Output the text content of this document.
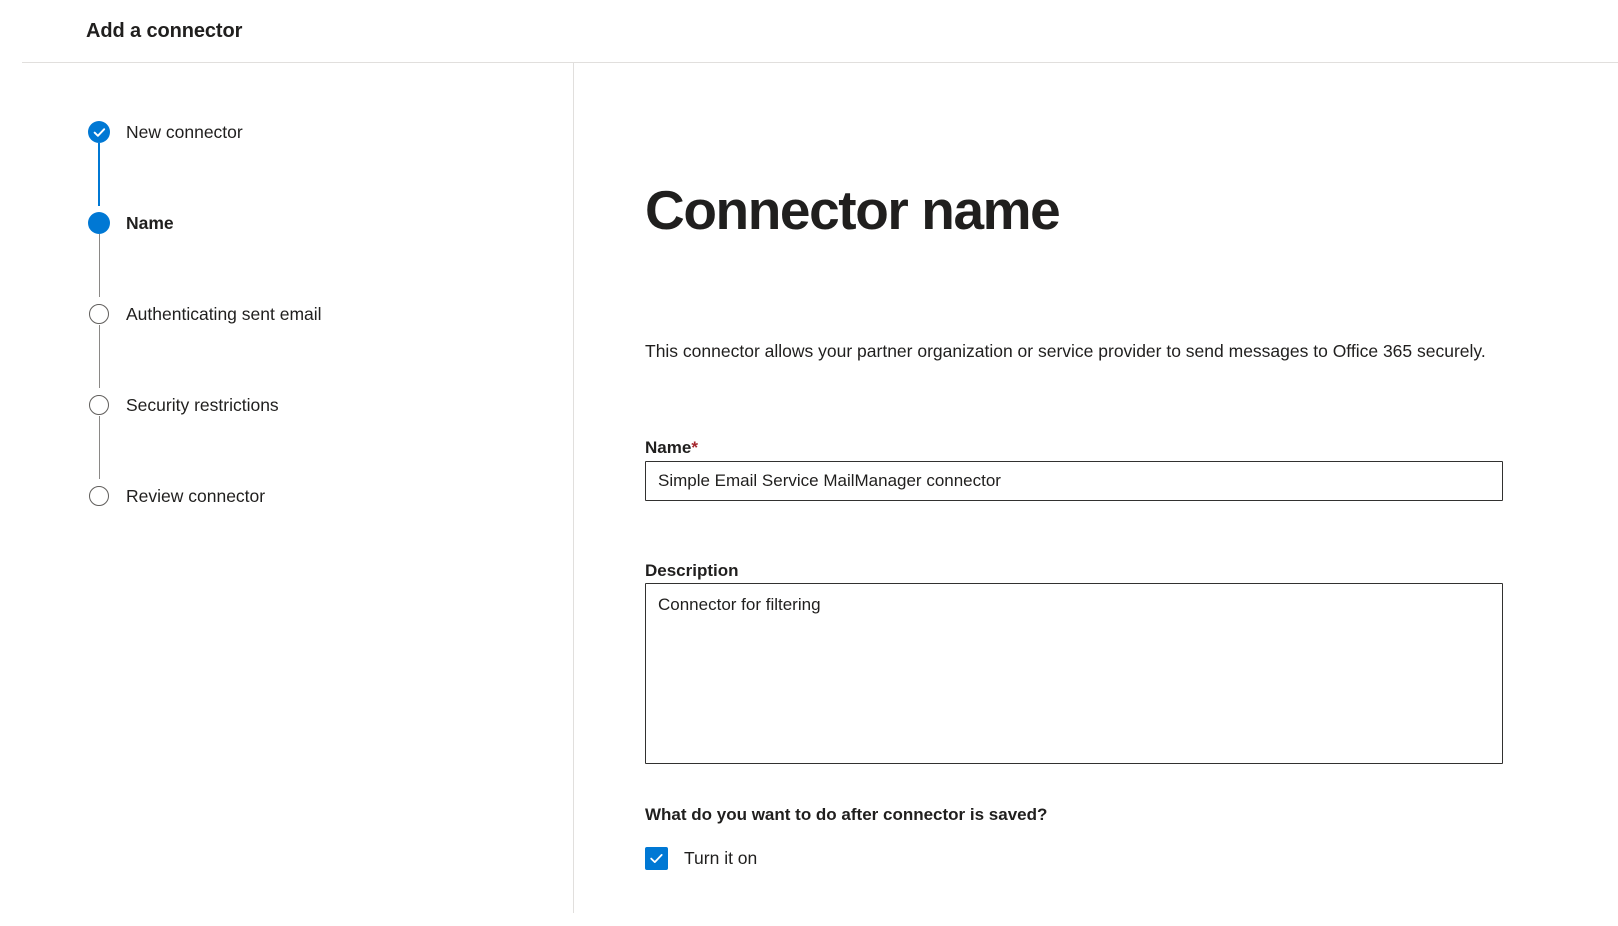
Add a connector
New connector
Name
Authenticating sent email
Security restrictions
Review connector
Connector name
This connector allows your partner organization or service provider to send messages to Office 365 securely.
Name*
Simple Email Service MailManager connector
Description
Connector for filtering
What do you want to do after connector is saved?
Turn it on
